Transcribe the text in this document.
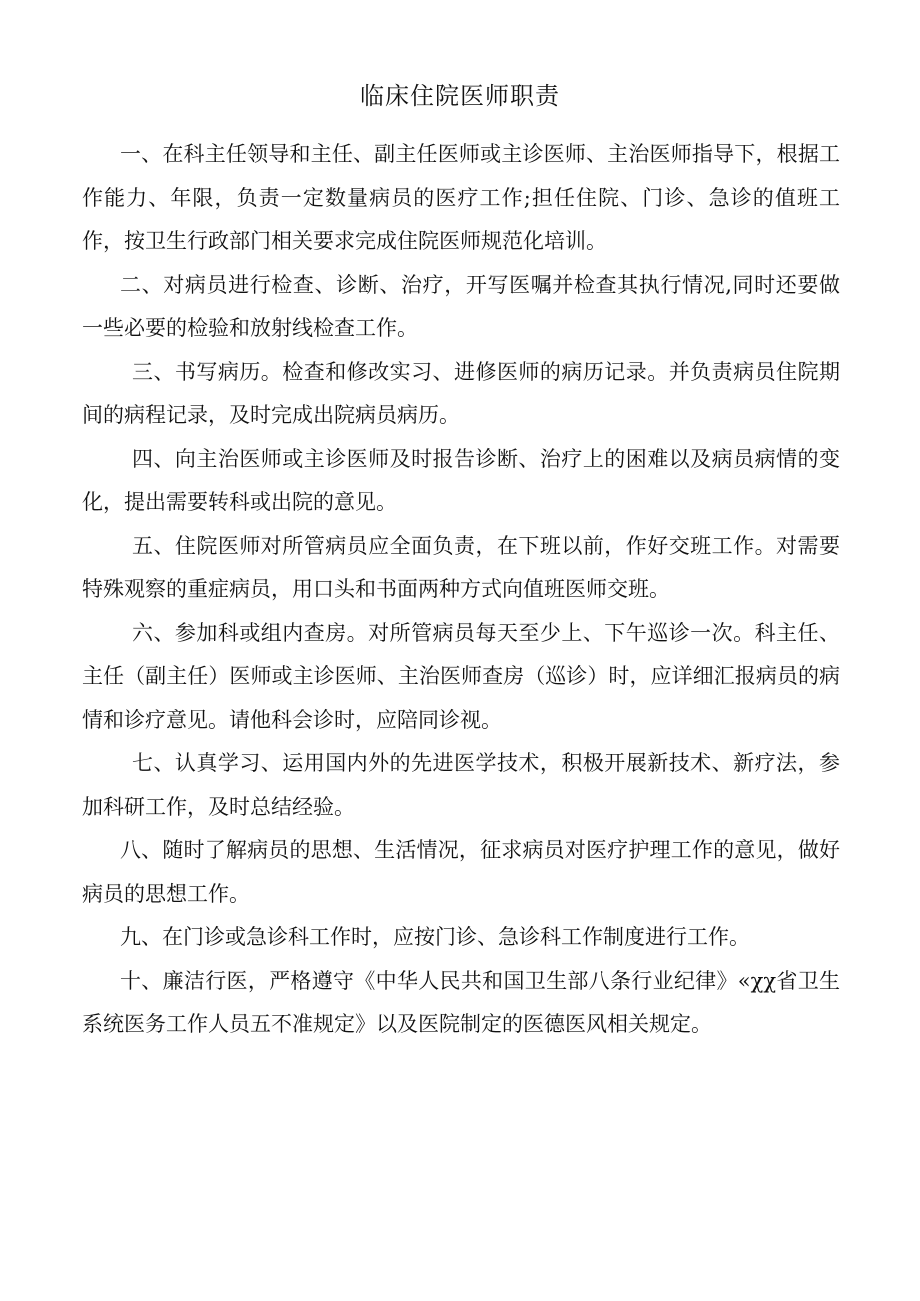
临床住院医师职责

一、在科主任领导和主任、副主任医师或主诊医师、主治医师指导下，根据工作能力、年限，负责一定数量病员的医疗工作;担任住院、门诊、急诊的值班工作，按卫生行政部门相关要求完成住院医师规范化培训。

二、对病员进行检查、诊断、治疗，开写医嘱并检查其执行情况,同时还要做一些必要的检验和放射线检查工作。

三、书写病历。检查和修改实习、进修医师的病历记录。并负责病员住院期间的病程记录，及时完成出院病员病历。

四、向主治医师或主诊医师及时报告诊断、治疗上的困难以及病员病情的变化，提出需要转科或出院的意见。

五、住院医师对所管病员应全面负责，在下班以前，作好交班工作。对需要特殊观察的重症病员，用口头和书面两种方式向值班医师交班。

六、参加科或组内查房。对所管病员每天至少上、下午巡诊一次。科主任、主任（副主任）医师或主诊医师、主治医师查房（巡诊）时，应详细汇报病员的病情和诊疗意见。请他科会诊时，应陪同诊视。

七、认真学习、运用国内外的先进医学技术，积极开展新技术、新疗法，参加科研工作，及时总结经验。

八、随时了解病员的思想、生活情况，征求病员对医疗护理工作的意见，做好病员的思想工作。

九、在门诊或急诊科工作时，应按门诊、急诊科工作制度进行工作。

十、廉洁行医，严格遵守《中华人民共和国卫生部八条行业纪律》«χχ省卫生系统医务工作人员五不准规定》以及医院制定的医德医风相关规定。
